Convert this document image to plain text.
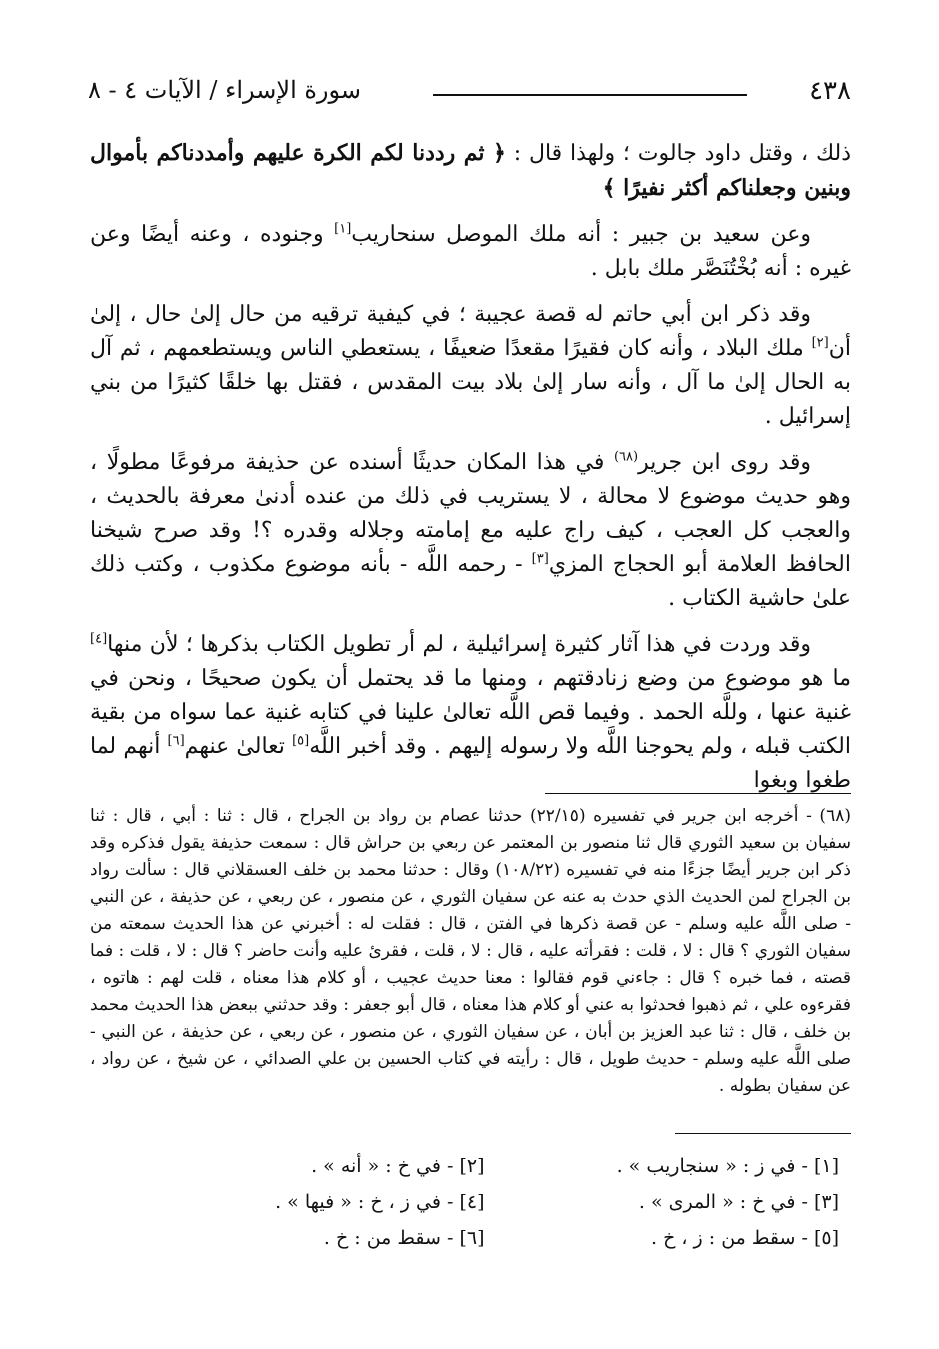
٤٣٨
سورة الإسراء / الآيات ٤ - ٨

ذلك ، وقتل داود جالوت ؛ ولهذا قال : ﴿ ثم رددنا لكم الكرة عليهم وأمددناكم بأموال وبنين وجعلناكم أكثر نفيرًا ﴾

وعن سعيد بن جبير : أنه ملك الموصل سنحاريب[١] وجنوده ، وعنه أيضًا وعن غيره : أنه بُخْتُنَصَّر ملك بابل .

وقد ذكر ابن أبي حاتم له قصة عجيبة ؛ في كيفية ترقيه من حال إلىٰ حال ، إلىٰ أن[٢] ملك البلاد ، وأنه كان فقيرًا مقعدًا ضعيفًا ، يستعطي الناس ويستطعمهم ، ثم آل به الحال إلىٰ ما آل ، وأنه سار إلىٰ بلاد بيت المقدس ، فقتل بها خلقًا كثيرًا من بني إسرائيل .

وقد روى ابن جرير$^{(٦٨)}$ في هذا المكان حديثًا أسنده عن حذيفة مرفوعًا مطولًا ، وهو حديث موضوع لا محالة ، لا يستريب في ذلك من عنده أدنىٰ معرفة بالحديث ، والعجب كل العجب ، كيف راج عليه مع إمامته وجلاله وقدره ؟! وقد صرح شيخنا الحافظ العلامة أبو الحجاج المزي[٣] - رحمه اللَّه - بأنه موضوع مكذوب ، وكتب ذلك علىٰ حاشية الكتاب .

وقد وردت في هذا آثار كثيرة إسرائيلية ، لم أر تطويل الكتاب بذكرها ؛ لأن منها[٤] ما هو موضوع من وضع زنادقتهم ، ومنها ما قد يحتمل أن يكون صحيحًا ، ونحن في غنية عنها ، وللَّه الحمد . وفيما قص اللَّه تعالىٰ علينا في كتابه غنية عما سواه من بقية الكتب قبله ، ولم يحوجنا اللَّه ولا رسوله إليهم . وقد أخبر اللَّه[٥] تعالىٰ عنهم[٦] أنهم لما طغوا وبغوا

(٦٨) - أخرجه ابن جرير في تفسيره (٢٢/١٥) حدثنا عصام بن رواد بن الجراح ، قال : ثنا : أبي ، قال : ثنا سفيان بن سعيد الثوري قال ثنا منصور بن المعتمر عن ربعي بن حراش قال : سمعت حذيفة يقول فذكره وقد ذكر ابن جرير أيضًا جزءًا منه في تفسيره (١٠٨/٢٢) وقال : حدثنا محمد بن خلف العسقلاني قال : سألت رواد بن الجراح لمن الحديث الذي حدث به عنه عن سفيان الثوري ، عن منصور ، عن ربعي ، عن حذيفة ، عن النبي - صلى اللَّه عليه وسلم - عن قصة ذكرها في الفتن ، قال : فقلت له : أخبرني عن هذا الحديث سمعته من سفيان الثوري ؟ قال : لا ، قلت : فقرأته عليه ، قال : لا ، قلت ، فقرئ عليه وأنت حاضر ؟ قال : لا ، قلت : فما قصته ، فما خبره ؟ قال : جاءني قوم فقالوا : معنا حديث عجيب ، أو كلام هذا معناه ، قلت لهم : هاتوه ، فقرءوه علي ، ثم ذهبوا فحدثوا به عني أو كلام هذا معناه ، قال أبو جعفر : وقد حدثني ببعض هذا الحديث محمد بن خلف ، قال : ثنا عبد العزيز بن أبان ، عن سفيان الثوري ، عن منصور ، عن ربعي ، عن حذيفة ، عن النبي - صلى اللَّه عليه وسلم - حديث طويل ، قال : رأيته في كتاب الحسين بن علي الصدائي ، عن شيخ ، عن رواد ، عن سفيان بطوله .
[١] - في ز : « سنجاريب » .
[٢] - في خ : « أنه » .
[٣] - في خ : « المرى » .
[٤] - في ز ، خ : « فيها » .
[٥] - سقط من : ز ، خ .
[٦] - سقط من : خ .
